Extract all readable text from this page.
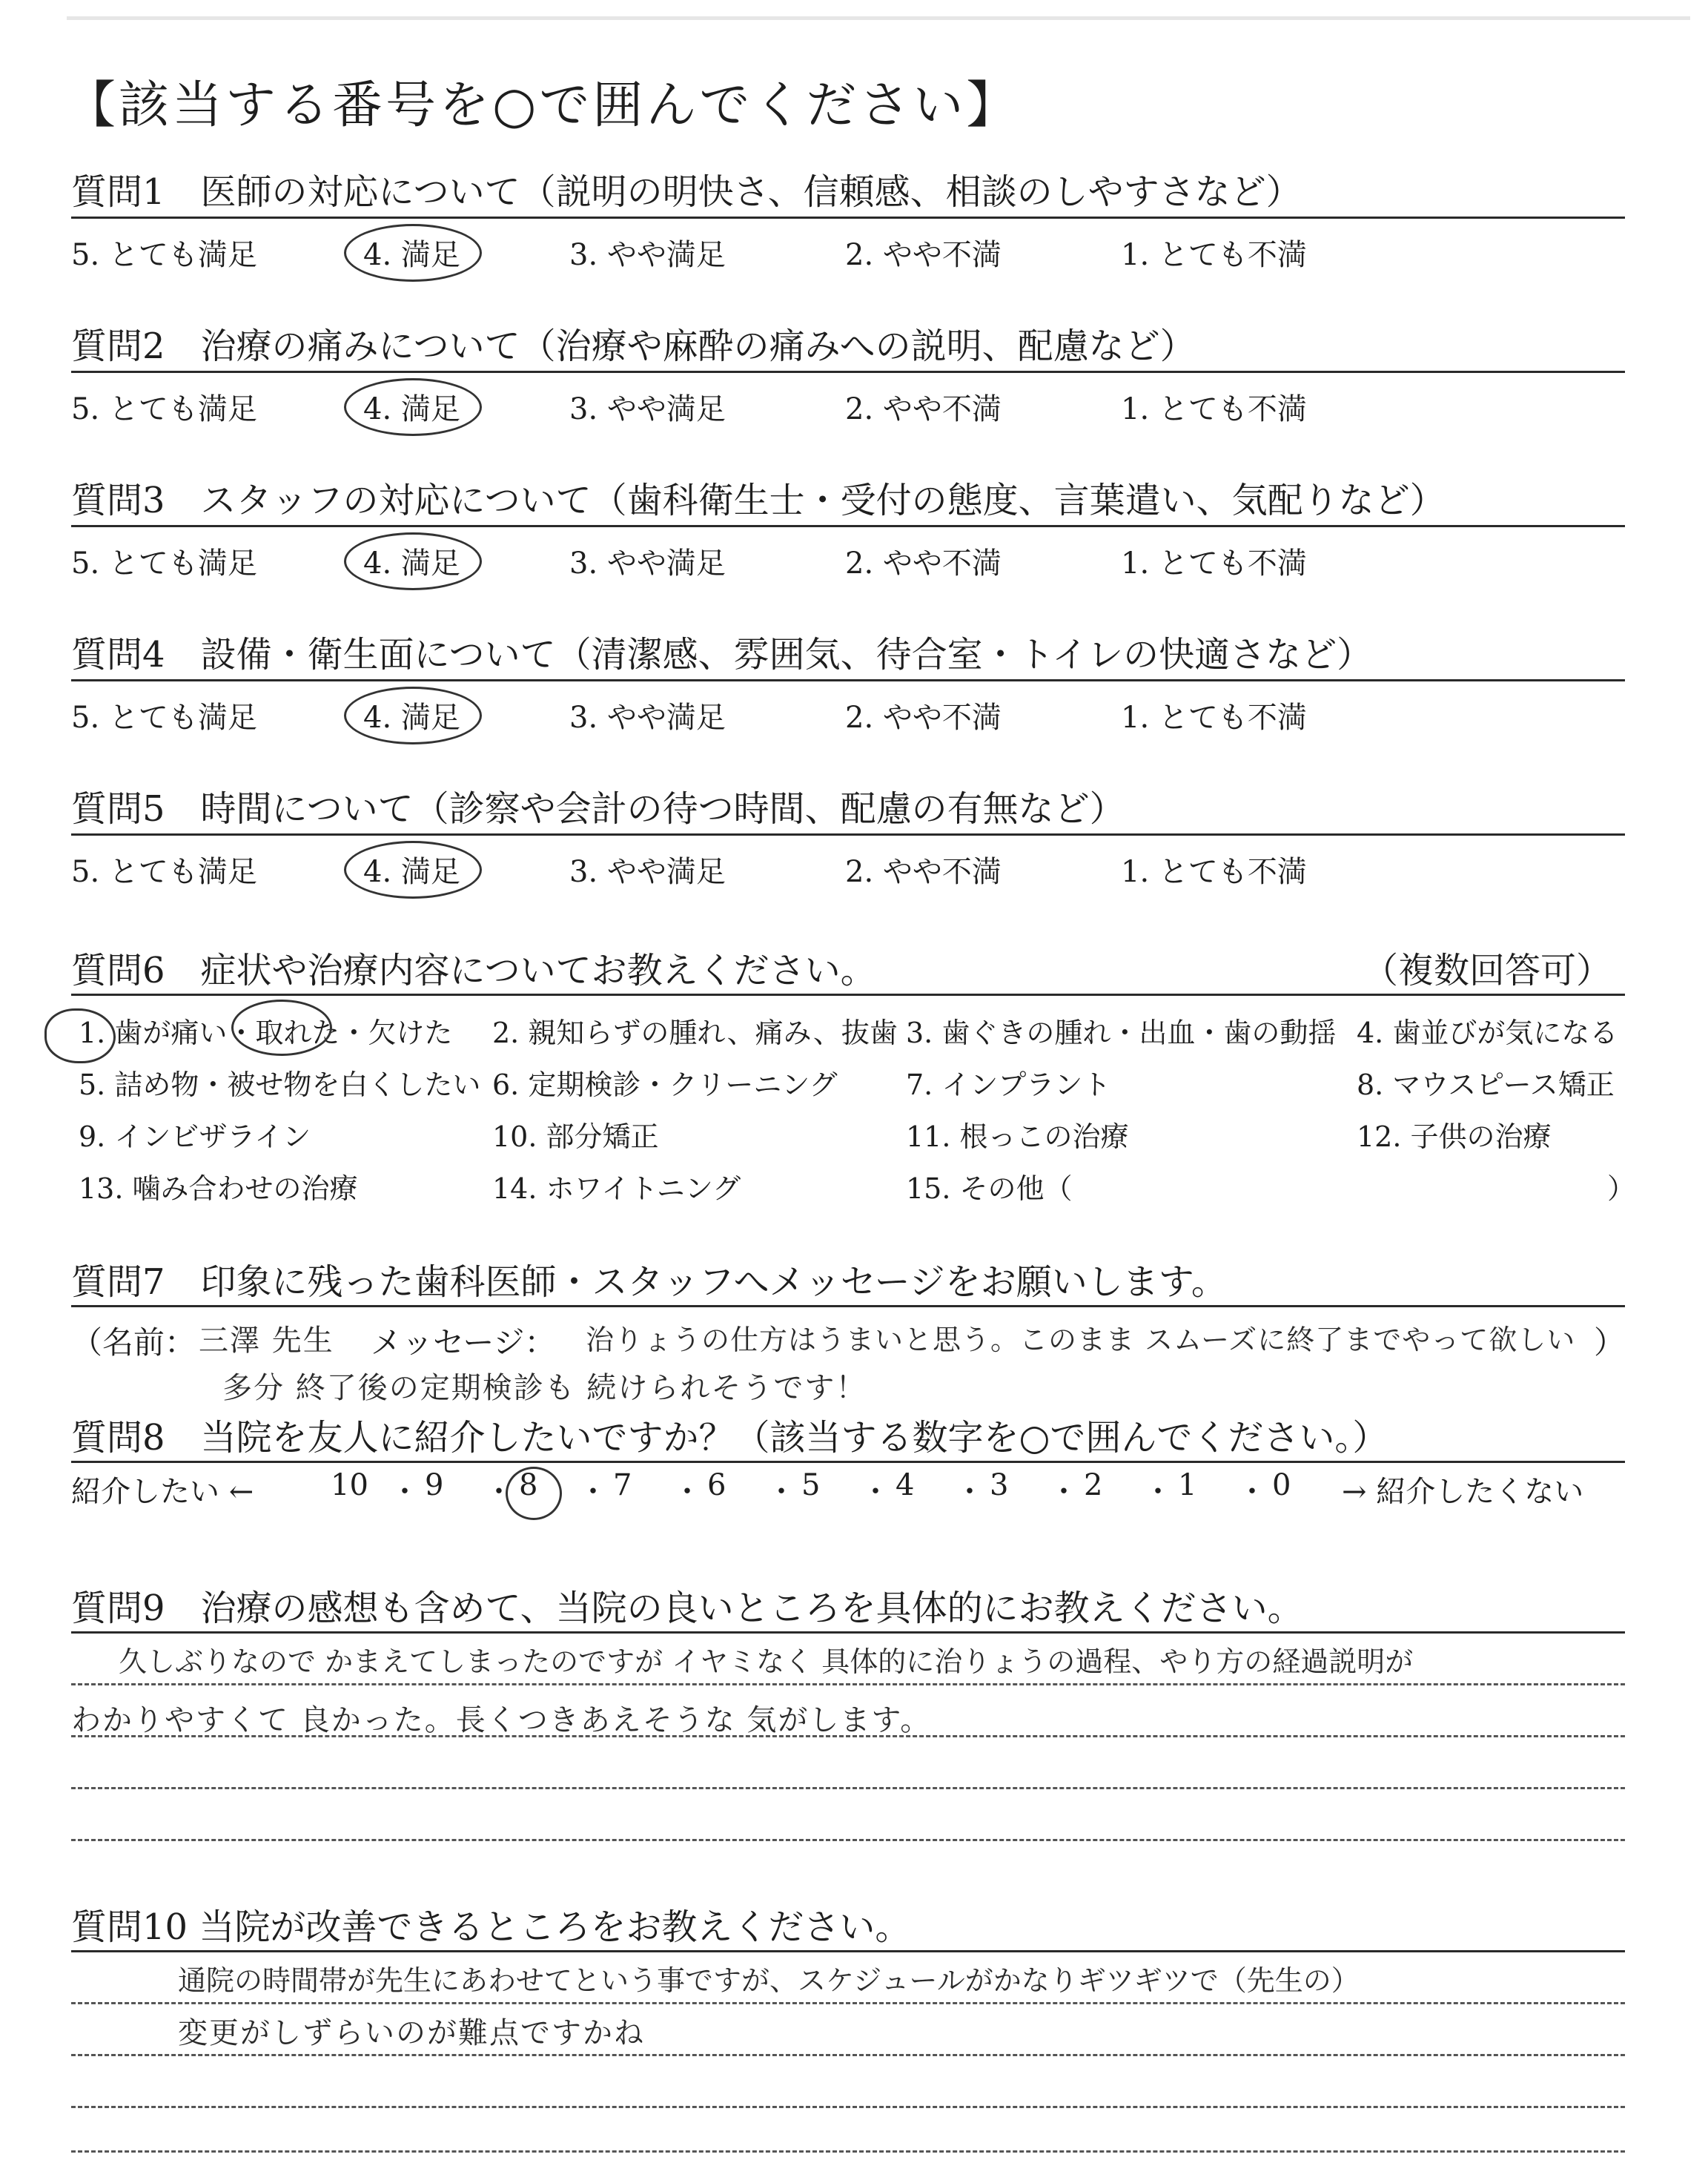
【該当する番号を○で囲んでください】
質問1　医師の対応について（説明の明快さ、信頼感、相談のしやすさなど）
5. とても満足	4. 満足	3. やや満足	2. やや不満	1. とても不満
質問2　治療の痛みについて（治療や麻酔の痛みへの説明、配慮など）
5. とても満足	4. 満足	3. やや満足	2. やや不満	1. とても不満
質問3　スタッフの対応について（歯科衛生士・受付の態度、言葉遣い、気配りなど）
5. とても満足	4. 満足	3. やや満足	2. やや不満	1. とても不満
質問4　設備・衛生面について（清潔感、雰囲気、待合室・トイレの快適さなど）
5. とても満足	4. 満足	3. やや満足	2. やや不満	1. とても不満
質問5　時間について（診察や会計の待つ時間、配慮の有無など）
5. とても満足	4. 満足	3. やや満足	2. やや不満	1. とても不満
質問6　症状や治療内容についてお教えください。	（複数回答可）
1. 歯が痛い・取れた・欠けた 2. 親知らずの腫れ、痛み、抜歯 3. 歯ぐきの腫れ・出血・歯の動揺 4. 歯並びが気になる
5. 詰め物・被せ物を白くしたい 6. 定期検診・クリーニング 7. インプラント	8. マウスピース矯正
9. インビザライン	10. 部分矯正	11. 根っこの治療	12. 子供の治療
13. 噛み合わせの治療	14. ホワイトニング	15. その他（	）
質問7　印象に残った歯科医師・スタッフへメッセージをお願いします。
（名前： 三澤 先生 メッセージ： 治りょうの仕方はうまいと思う。このまま スムーズに終了までやって欲しい ）
多分 終了後の定期検診も 続けられそうです！
質問8　当院を友人に紹介したいですか？（該当する数字を○で囲んでください。）
紹介したい ←	10 ・ 9 ・ 8 ・ 7 ・ 6 ・ 5 ・ 4 ・ 3 ・ 2 ・ 1 ・ 0 → 紹介したくない
質問9　治療の感想も含めて、当院の良いところを具体的にお教えください。
久しぶりなので かまえてしまったのですが イヤミなく 具体的に治りょうの過程、やり方の経過説明が
わかりやすくて 良かった。長くつきあえそうな 気がします。
質問10 当院が改善できるところをお教えください。
通院の時間帯が先生にあわせてという事ですが、スケジュールがかなりギツギツで（先生の）
変更がしずらいのが難点ですかね
